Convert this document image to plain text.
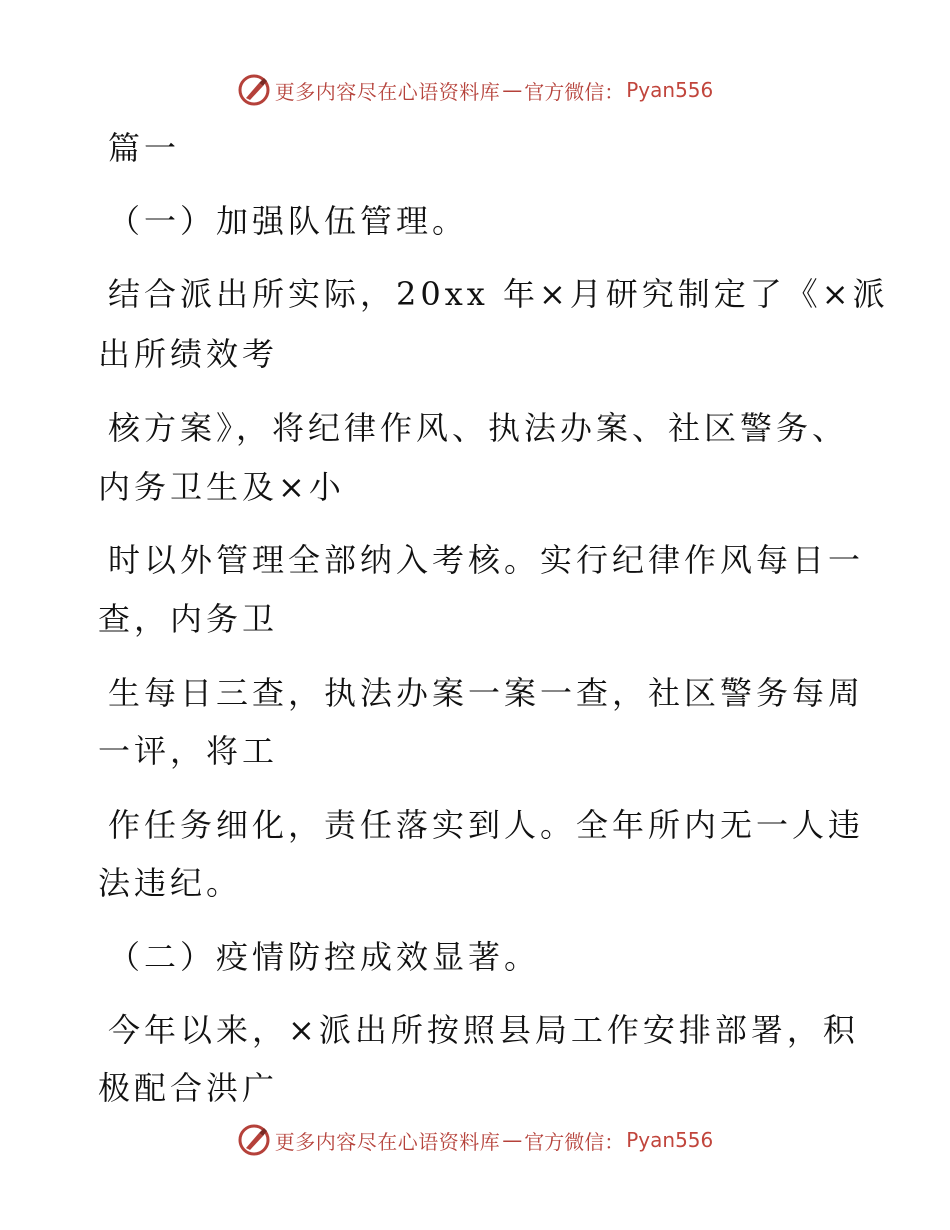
更多内容尽在心语资料库 — 官方微信： Pyan556
篇一
（一）加强队伍管理。
结合派出所实际，20xx 年×月研究制定了《×派
出所绩效考
核方案》，将纪律作风、执法办案、社区警务、
内务卫生及×小
时以外管理全部纳入考核。实行纪律作风每日一
查，内务卫
生每日三查，执法办案一案一查，社区警务每周
一评，将工
作任务细化，责任落实到人。全年所内无一人违
法违纪。
（二）疫情防控成效显著。
今年以来，×派出所按照县局工作安排部署，积
极配合洪广
更多内容尽在心语资料库 — 官方微信： Pyan556
